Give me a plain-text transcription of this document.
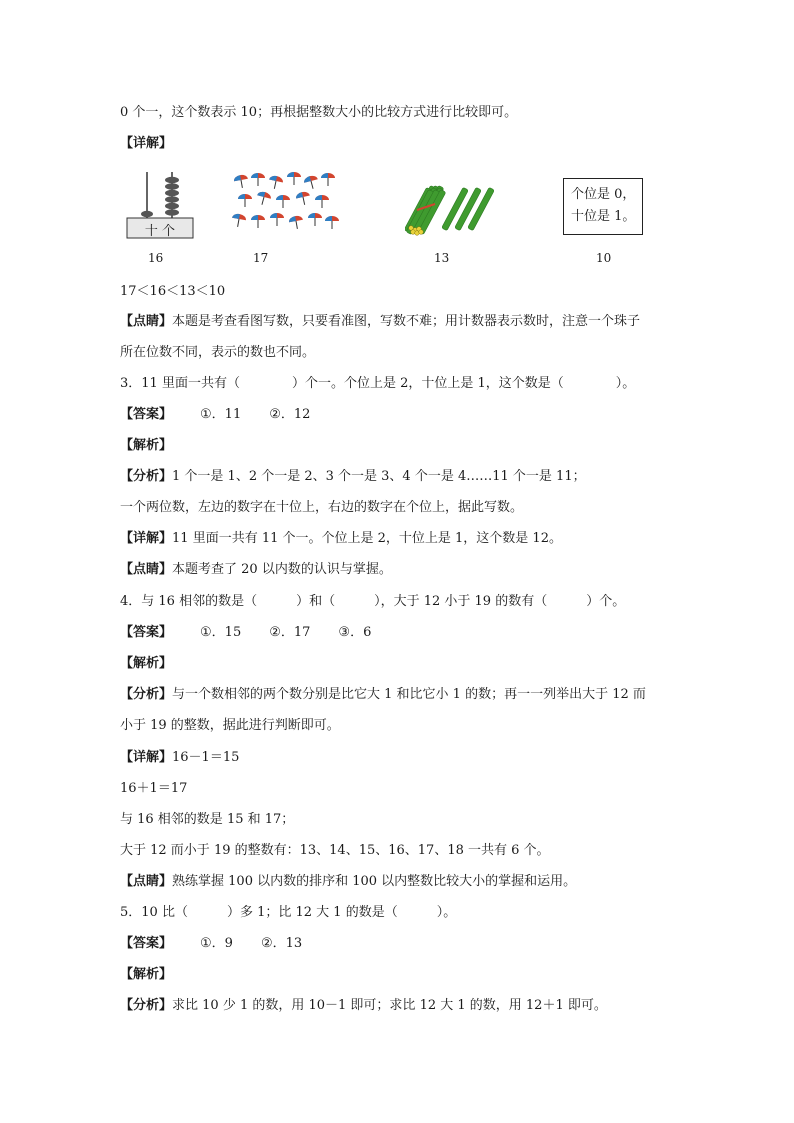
0 个一，这个数表示 10；再根据整数大小的比较方式进行比较即可。
【详解】
十 个
16	17	13
个位是 0，
十位是 1。
10
17＜16＜13＜10
【点睛】本题是考查看图写数，只要看准图，写数不难；用计数器表示数时，注意一个珠子
所在位数不同，表示的数也不同。
3．11 里面一共有（　　　　）个一。个位上是 2，十位上是 1，这个数是（　　　　）。
【答案】 ①．11 ②．12
【解析】
【分析】1 个一是 1、2 个一是 2、3 个一是 3、4 个一是 4……11 个一是 11；
一个两位数，左边的数字在十位上，右边的数字在个位上，据此写数。
【详解】11 里面一共有 11 个一。个位上是 2，十位上是 1，这个数是 12。
【点睛】本题考查了 20 以内数的认识与掌握。
4．与 16 相邻的数是（　　　）和（　　　），大于 12 小于 19 的数有（　　　）个。
【答案】 ①．15 ②．17 ③．6
【解析】
【分析】与一个数相邻的两个数分别是比它大 1 和比它小 1 的数；再一一列举出大于 12 而
小于 19 的整数，据此进行判断即可。
【详解】16－1＝15
16＋1＝17
与 16 相邻的数是 15 和 17；
大于 12 而小于 19 的整数有：13、14、15、16、17、18 一共有 6 个。
【点睛】熟练掌握 100 以内数的排序和 100 以内整数比较大小的掌握和运用。
5．10 比（　　　）多 1；比 12 大 1 的数是（　　　）。
【答案】 ①．9 ②．13
【解析】
【分析】求比 10 少 1 的数，用 10－1 即可；求比 12 大 1 的数，用 12＋1 即可。
